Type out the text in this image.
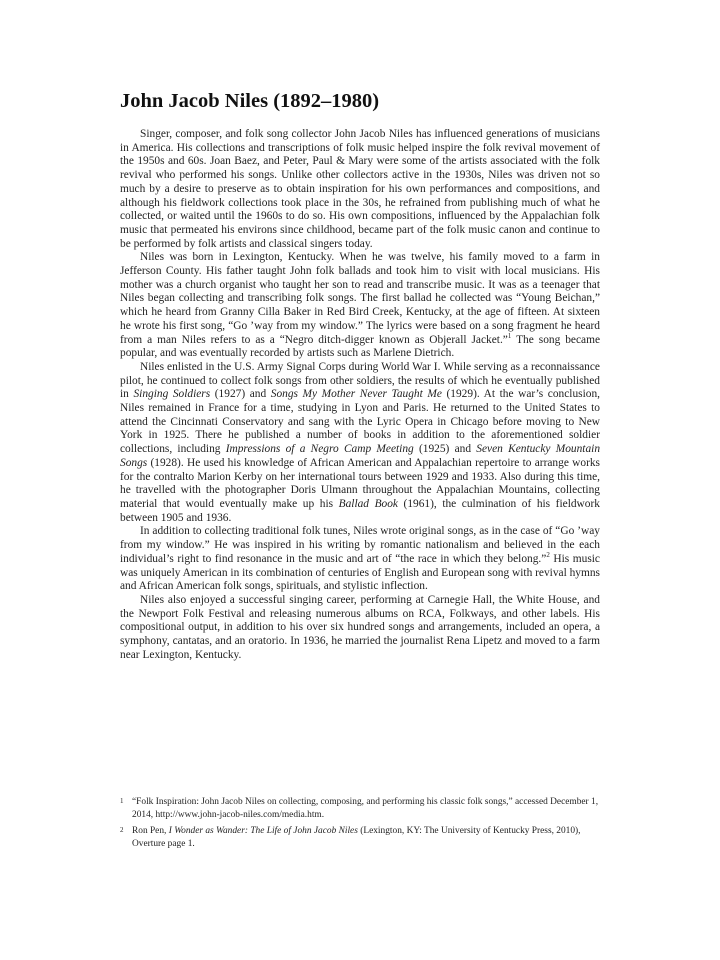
John Jacob Niles (1892–1980)

Singer, composer, and folk song collector John Jacob Niles has influenced generations of musicians in America. His collections and transcriptions of folk music helped inspire the folk revival movement of the 1950s and 60s. Joan Baez, and Peter, Paul & Mary were some of the artists associated with the folk revival who performed his songs. Unlike other collectors active in the 1930s, Niles was driven not so much by a desire to preserve as to obtain inspiration for his own performances and compositions, and although his fieldwork collections took place in the 30s, he refrained from publishing much of what he collected, or waited until the 1960s to do so. His own compositions, influenced by the Appalachian folk music that permeated his environs since childhood, became part of the folk music canon and continue to be performed by folk artists and classical singers today.

Niles was born in Lexington, Kentucky. When he was twelve, his family moved to a farm in Jefferson County. His father taught John folk ballads and took him to visit with local musicians. His mother was a church organist who taught her son to read and transcribe music. It was as a teenager that Niles began collecting and transcribing folk songs. The first ballad he collected was “Young Beichan,” which he heard from Granny Cilla Baker in Red Bird Creek, Kentucky, at the age of fifteen. At sixteen he wrote his first song, “Go ’way from my window.” The lyrics were based on a song fragment he heard from a man Niles refers to as a “Negro ditch-digger known as Objerall Jacket.”$^1$ The song became popular, and was eventually recorded by artists such as Marlene Dietrich.

Niles enlisted in the U.S. Army Signal Corps during World War I. While serving as a reconnaissance pilot, he continued to collect folk songs from other soldiers, the results of which he eventually published in Singing Soldiers (1927) and Songs My Mother Never Taught Me (1929). At the war’s conclusion, Niles remained in France for a time, studying in Lyon and Paris. He returned to the United States to attend the Cincinnati Conservatory and sang with the Lyric Opera in Chicago before moving to New York in 1925. There he published a number of books in addition to the aforementioned soldier collections, including Impressions of a Negro Camp Meeting (1925) and Seven Kentucky Mountain Songs (1928). He used his knowledge of African American and Appalachian repertoire to arrange works for the contralto Marion Kerby on her international tours between 1929 and 1933. Also during this time, he travelled with the photographer Doris Ulmann throughout the Appalachian Mountains, collecting material that would eventually make up his Ballad Book (1961), the culmination of his fieldwork between 1905 and 1936.

In addition to collecting traditional folk tunes, Niles wrote original songs, as in the case of “Go ’way from my window.” He was inspired in his writing by romantic nationalism and believed in the each individual’s right to find resonance in the music and art of “the race in which they belong.”$^2$ His music was uniquely American in its combination of centuries of English and European song with revival hymns and African American folk songs, spirituals, and stylistic inflection.

Niles also enjoyed a successful singing career, performing at Carnegie Hall, the White House, and the Newport Folk Festival and releasing numerous albums on RCA, Folkways, and other labels. His compositional output, in addition to his over six hundred songs and arrangements, included an opera, a symphony, cantatas, and an oratorio. In 1936, he married the journalist Rena Lipetz and moved to a farm near Lexington, Kentucky.

1 “Folk Inspiration: John Jacob Niles on collecting, composing, and performing his classic folk songs,” accessed December 1, 2014, http://www.john-jacob-niles.com/media.htm.
2 Ron Pen, I Wonder as Wander: The Life of John Jacob Niles (Lexington, KY: The University of Kentucky Press, 2010), Overture page 1.
